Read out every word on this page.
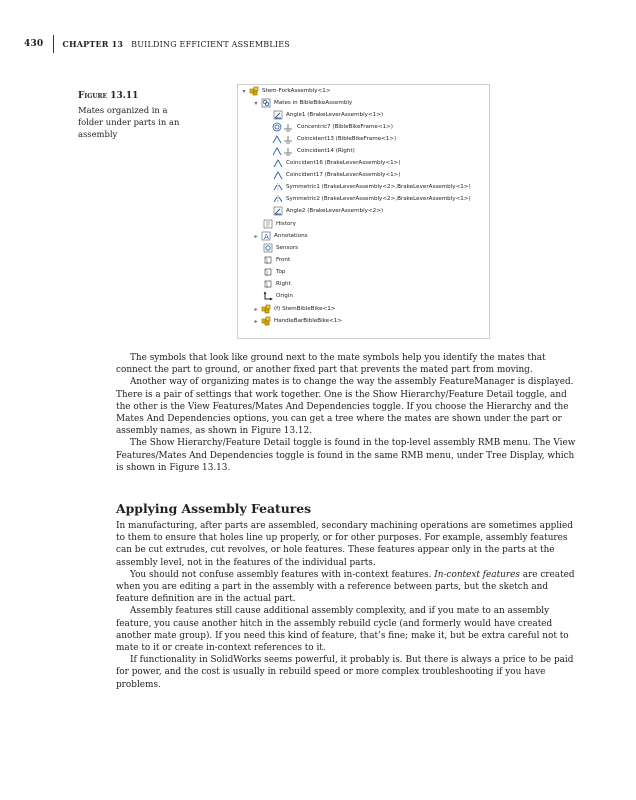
430 CHAPTER 13 BUILDING EFFICIENT ASSEMBLIES
Figure 13.11
Mates organized in a folder under parts in an assembly
▾	Stem-ForkAssembly<1>
▾	Mates in BibleBikeAssembly
Angle1 (BrakeLeverAssembly<1>)
Concentric7 (BibleBikeFrame<1>)
Coincident13 (BibleBikeFrame<1>)
Coincident14 (Right)
Coincident16 (BrakeLeverAssembly<1>)
Coincident17 (BrakeLeverAssembly<1>)
Symmetric1 (BrakeLeverAssembly<2>,BrakeLeverAssembly<1>)
Symmetric2 (BrakeLeverAssembly<2>,BrakeLeverAssembly<1>)
Angle2 (BrakeLeverAssembly<2>)
History
▸ A Annotations
Sensors
Front
Top
Right
Origin
▸	(f) StemBibleBike<1>
▸	HandleBarBibleBike<1>

The symbols that look like ground next to the mate symbols help you identify the mates that connect the part to ground, or another fixed part that prevents the mated part from moving.

Another way of organizing mates is to change the way the assembly FeatureManager is displayed. There is a pair of settings that work together. One is the Show Hierarchy/Feature Detail toggle, and the other is the View Features/Mates And Dependencies toggle. If you choose the Hierarchy and the Mates And Dependencies options, you can get a tree where the mates are shown under the part or assembly names, as shown in Figure 13.12.

The Show Hierarchy/Feature Detail toggle is found in the top-level assembly RMB menu. The View Features/Mates And Dependencies toggle is found in the same RMB menu, under Tree Display, which is shown in Figure 13.13.

Applying Assembly Features

In manufacturing, after parts are assembled, secondary machining operations are sometimes applied to them to ensure that holes line up properly, or for other purposes. For example, assembly features can be cut extrudes, cut revolves, or hole features. These features appear only in the parts at the assembly level, not in the features of the individual parts.

You should not confuse assembly features with in-context features. In-context features are created when you are editing a part in the assembly with a reference between parts, but the sketch and feature definition are in the actual part.

Assembly features still cause additional assembly complexity, and if you mate to an assembly feature, you cause another hitch in the assembly rebuild cycle (and formerly would have created another mate group). If you need this kind of feature, that’s fine; make it, but be extra careful not to mate to it or create in-context references to it.

If functionality in SolidWorks seems powerful, it probably is. But there is always a price to be paid for power, and the cost is usually in rebuild speed or more complex troubleshooting if you have problems.
